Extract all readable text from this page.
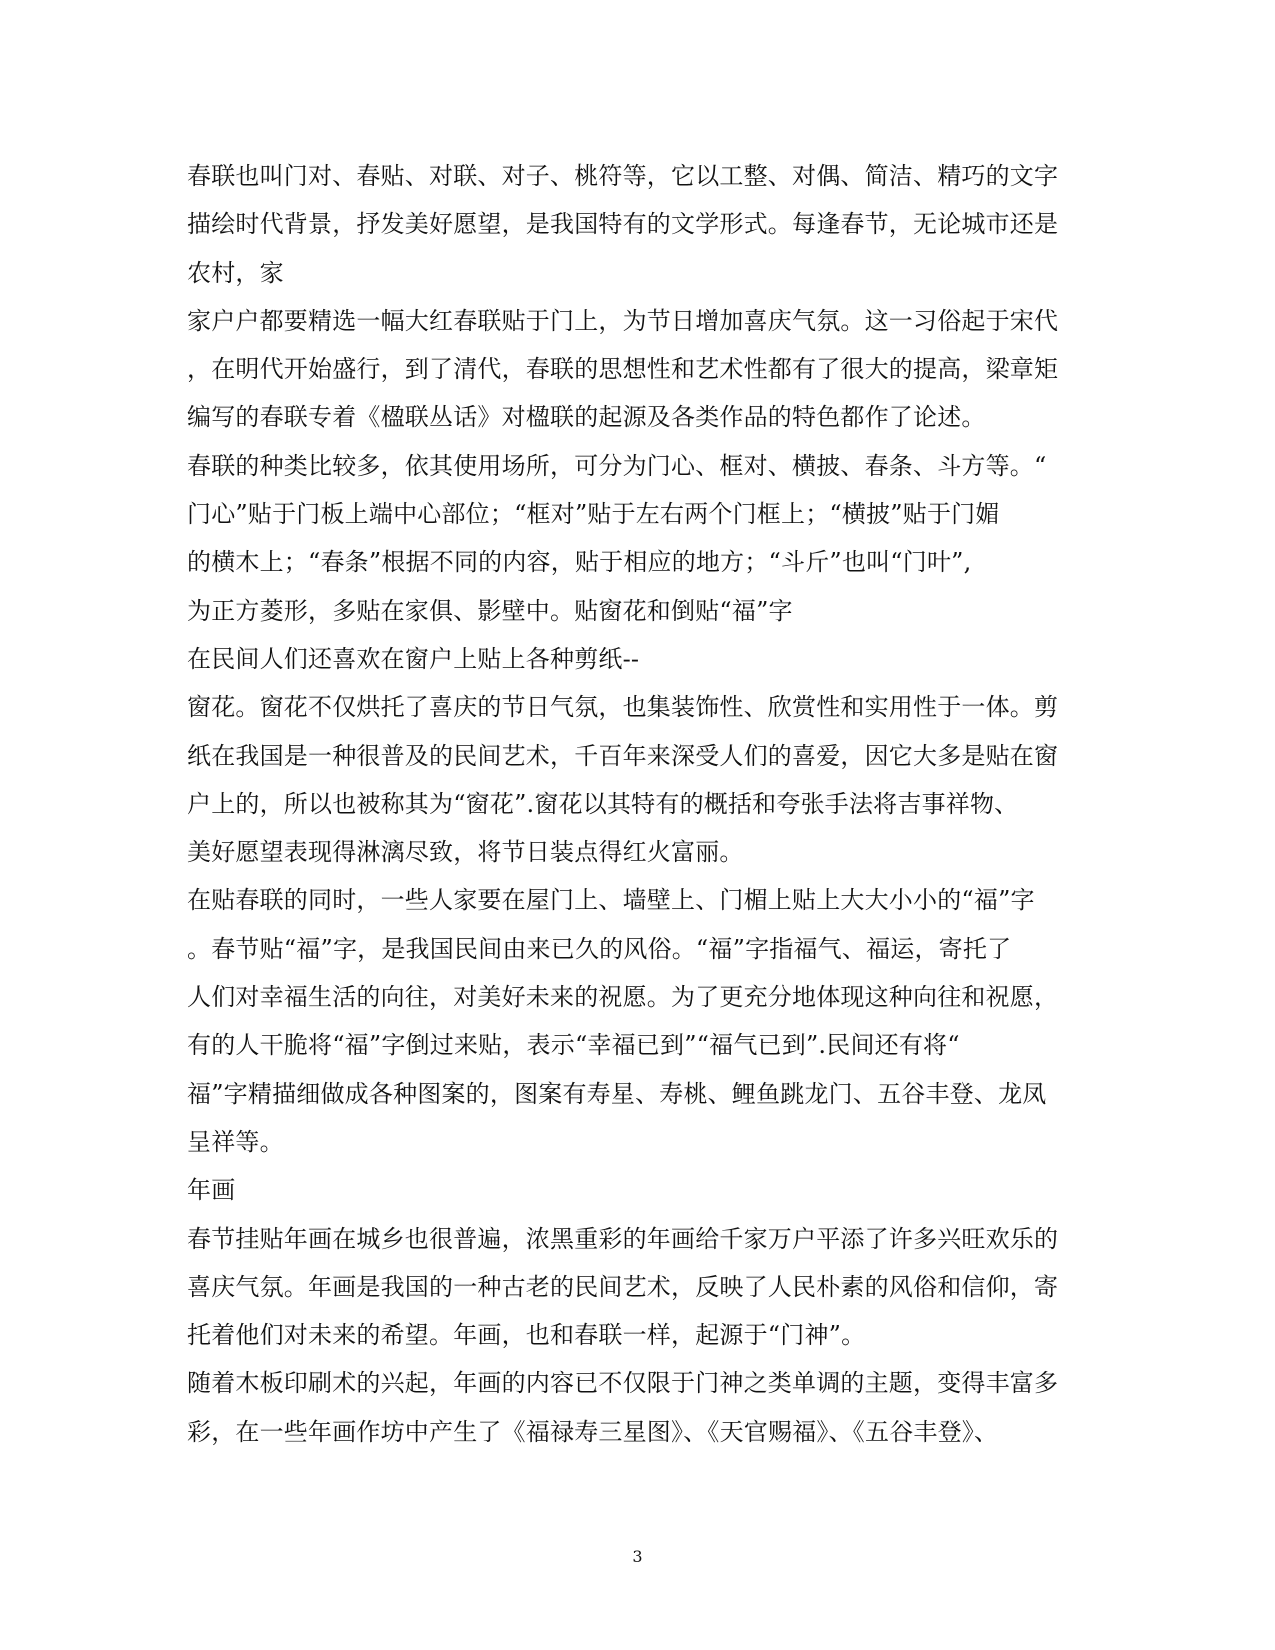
春联也叫门对、春贴、对联、对子、桃符等，它以工整、对偶、简洁、精巧的文字
描绘时代背景，抒发美好愿望，是我国特有的文学形式。每逢春节，无论城市还是
农村，家
家户户都要精选一幅大红春联贴于门上，为节日增加喜庆气氛。这一习俗起于宋代
，在明代开始盛行，到了清代，春联的思想性和艺术性都有了很大的提高，梁章矩
编写的春联专着《楹联丛话》对楹联的起源及各类作品的特色都作了论述。
春联的种类比较多，依其使用场所，可分为门心、框对、横披、春条、斗方等。“
门心”贴于门板上端中心部位；“框对”贴于左右两个门框上；“横披”贴于门媚
的横木上；“春条”根据不同的内容，贴于相应的地方；“斗斤”也叫“门叶”,
为正方菱形，多贴在家俱、影壁中。贴窗花和倒贴“福”字
在民间人们还喜欢在窗户上贴上各种剪纸--
窗花。窗花不仅烘托了喜庆的节日气氛，也集装饰性、欣赏性和实用性于一体。剪
纸在我国是一种很普及的民间艺术，千百年来深受人们的喜爱，因它大多是贴在窗
户上的，所以也被称其为“窗花”.窗花以其特有的概括和夸张手法将吉事祥物、
美好愿望表现得淋漓尽致，将节日装点得红火富丽。
在贴春联的同时，一些人家要在屋门上、墙壁上、门楣上贴上大大小小的“福”字
。春节贴“福”字，是我国民间由来已久的风俗。“福”字指福气、福运，寄托了
人们对幸福生活的向往，对美好未来的祝愿。为了更充分地体现这种向往和祝愿，
有的人干脆将“福”字倒过来贴，表示“幸福已到”“福气已到”.民间还有将“
福”字精描细做成各种图案的，图案有寿星、寿桃、鲤鱼跳龙门、五谷丰登、龙凤
呈祥等。
年画
春节挂贴年画在城乡也很普遍，浓黑重彩的年画给千家万户平添了许多兴旺欢乐的
喜庆气氛。年画是我国的一种古老的民间艺术，反映了人民朴素的风俗和信仰，寄
托着他们对未来的希望。年画，也和春联一样，起源于“门神”。
随着木板印刷术的兴起，年画的内容已不仅限于门神之类单调的主题，变得丰富多
彩，在一些年画作坊中产生了《福禄寿三星图》、《天官赐福》、《五谷丰登》、
3
